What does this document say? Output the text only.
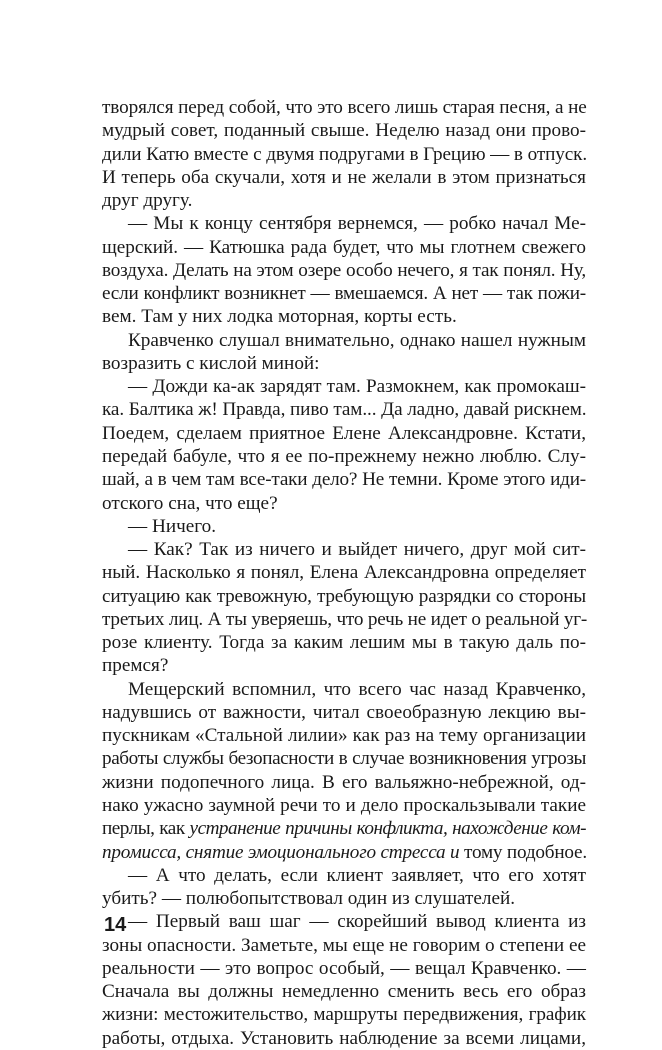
творялся перед собой, что это всего лишь старая песня, а не
мудрый совет, поданный свыше. Неделю назад они прово-
дили Катю вместе с двумя подругами в Грецию — в отпуск.
И теперь оба скучали, хотя и не желали в этом признаться
друг другу.
— Мы к концу сентября вернемся, — робко начал Ме-
щерский. — Катюшка рада будет, что мы глотнем свежего
воздуха. Делать на этом озере особо нечего, я так понял. Ну,
если конфликт возникнет — вмешаемся. А нет — так пожи-
вем. Там у них лодка моторная, корты есть.
Кравченко слушал внимательно, однако нашел нужным
возразить с кислой миной:
— Дожди ка-ак зарядят там. Размокнем, как промокаш-
ка. Балтика ж! Правда, пиво там... Да ладно, давай рискнем.
Поедем, сделаем приятное Елене Александровне. Кстати,
передай бабуле, что я ее по-прежнему нежно люблю. Слу-
шай, а в чем там все-таки дело? Не темни. Кроме этого иди-
отского сна, что еще?
— Ничего.
— Как? Так из ничего и выйдет ничего, друг мой сит-
ный. Насколько я понял, Елена Александровна определяет
ситуацию как тревожную, требующую разрядки со стороны
третьих лиц. А ты уверяешь, что речь не идет о реальной уг-
розе клиенту. Тогда за каким лешим мы в такую даль по-
премся?
Мещерский вспомнил, что всего час назад Кравченко,
надувшись от важности, читал своеобразную лекцию вы-
пускникам «Стальной лилии» как раз на тему организации
работы службы безопасности в случае возникновения угрозы
жизни подопечного лица. В его вальяжно-небрежной, од-
нако ужасно заумной речи то и дело проскальзывали такие
перлы, как устранение причины конфликта, нахождение ком-
промисса, снятие эмоционального стресса и тому подобное.
— А что делать, если клиент заявляет, что его хотят
убить? — полюбопытствовал один из слушателей.
— Первый ваш шаг — скорейший вывод клиента из
зоны опасности. Заметьте, мы еще не говорим о степени ее
реальности — это вопрос особый, — вещал Кравченко. —
Сначала вы должны немедленно сменить весь его образ
жизни: местожительство, маршруты передвижения, график
работы, отдыха. Установить наблюдение за всеми лицами,
14
